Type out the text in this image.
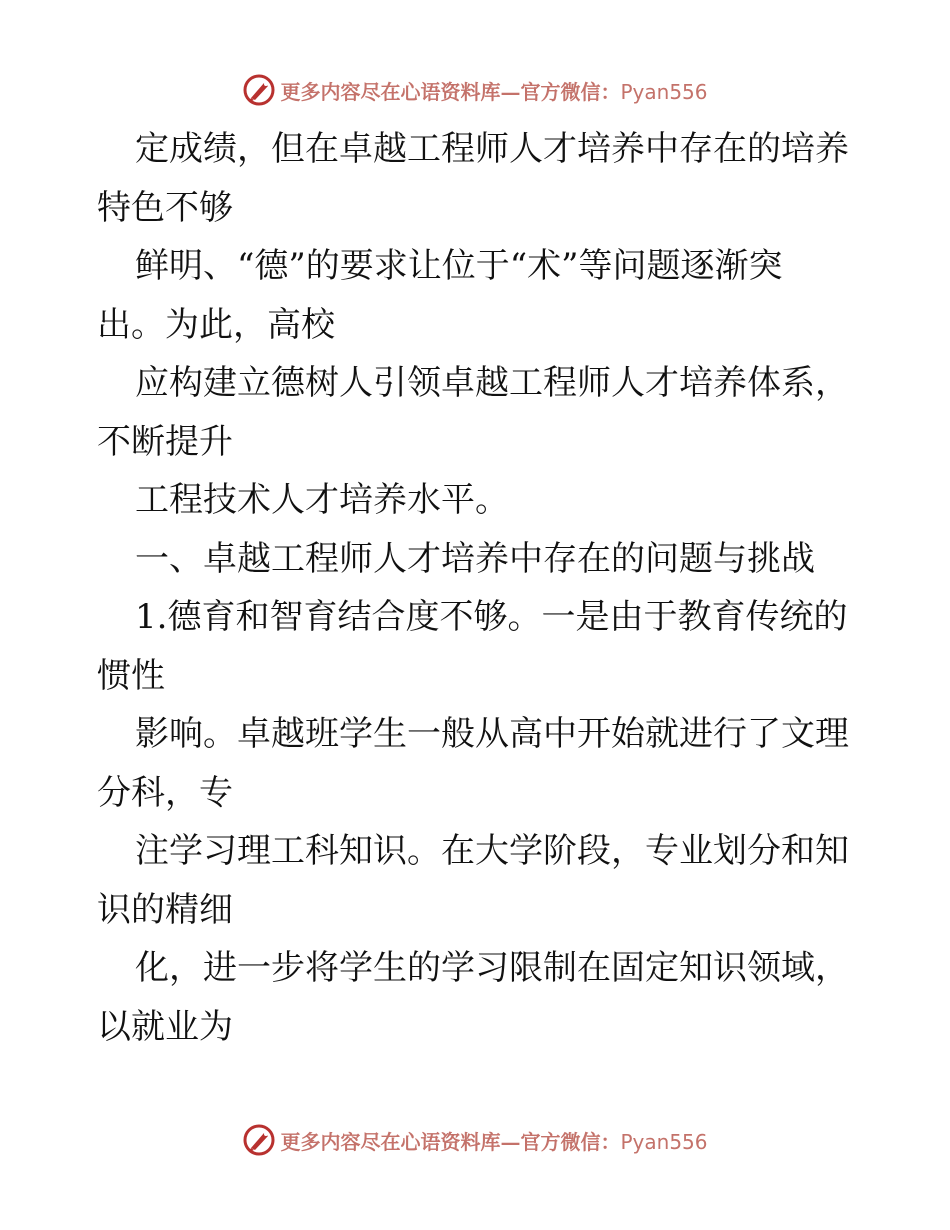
更多内容尽在心语资料库—官方微信：Pyan556
定成绩，但在卓越工程师人才培养中存在的培养
特色不够
鲜明、“德”的要求让位于“术”等问题逐渐突
出。为此，高校
应构建立德树人引领卓越工程师人才培养体系，
不断提升
工程技术人才培养水平。
一、卓越工程师人才培养中存在的问题与挑战
1.德育和智育结合度不够。一是由于教育传统的
惯性
影响。卓越班学生一般从高中开始就进行了文理
分科，专
注学习理工科知识。在大学阶段，专业划分和知
识的精细
化，进一步将学生的学习限制在固定知识领域，
以就业为
更多内容尽在心语资料库—官方微信：Pyan556
